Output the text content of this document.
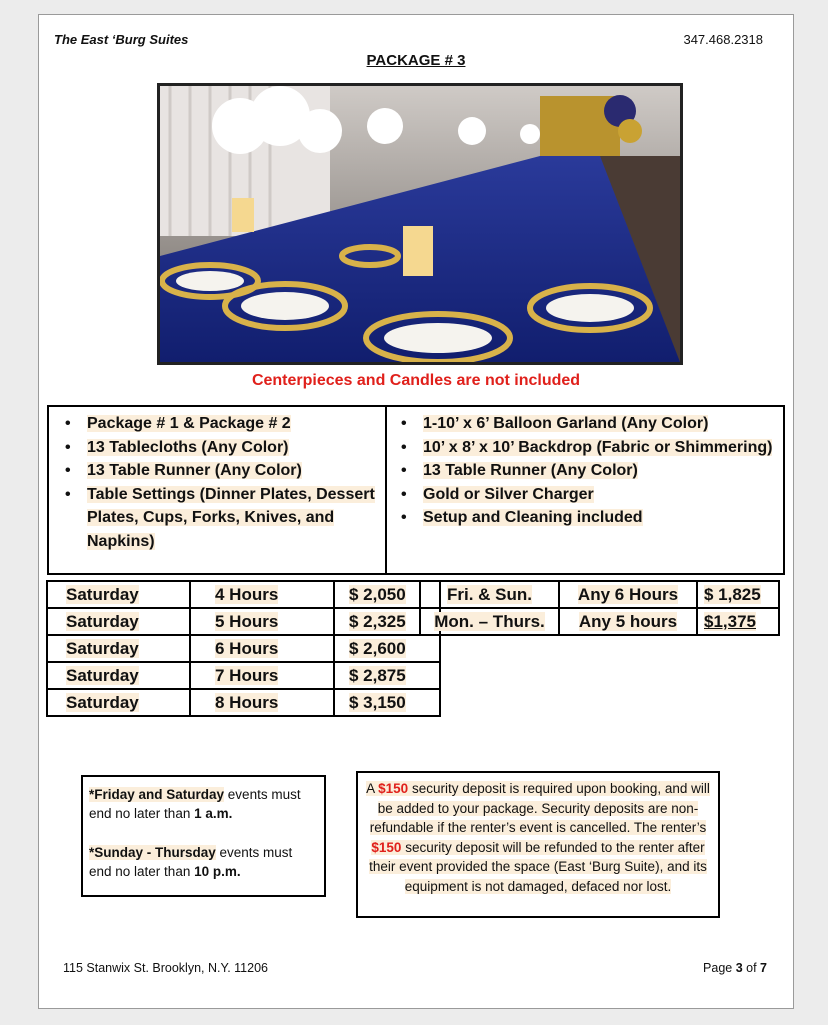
The East ‘Burg Suites	347.468.2318
PACKAGE # 3
Centerpieces and Candles are not included
• Package # 1 & Package # 2
• 13 Tablecloths (Any Color)
• 13 Table Runner (Any Color)
• Table Settings (Dinner Plates, Dessert Plates, Cups, Forks, Knives, and Napkins)
• 1-10’ x 6’ Balloon Garland (Any Color)
• 10’ x 8’ x 10’ Backdrop (Fabric or Shimmering)
• 13 Table Runner (Any Color)
• Gold or Silver Charger
• Setup and Cleaning included
Saturday	4 Hours	$ 2,050
Saturday	5 Hours	$ 2,325
Saturday	6 Hours	$ 2,600
Saturday	7 Hours	$ 2,875
Saturday	8 Hours	$ 3,150
Fri. & Sun.	Any 6 Hours	$ 1,825
Mon. – Thurs.	Any 5 hours	$1,375

*Friday and Saturday events must end no later than 1 a.m.

*Sunday - Thursday events must end no later than 10 p.m.

A $150 security deposit is required upon booking, and will be added to your package. Security deposits are non-refundable if the renter’s event is cancelled. The renter’s $150 security deposit will be refunded to the renter after their event provided the space (East ‘Burg Suite), and its equipment is not damaged, defaced nor lost.
115 Stanwix St. Brooklyn, N.Y. 11206	Page 3 of 7
